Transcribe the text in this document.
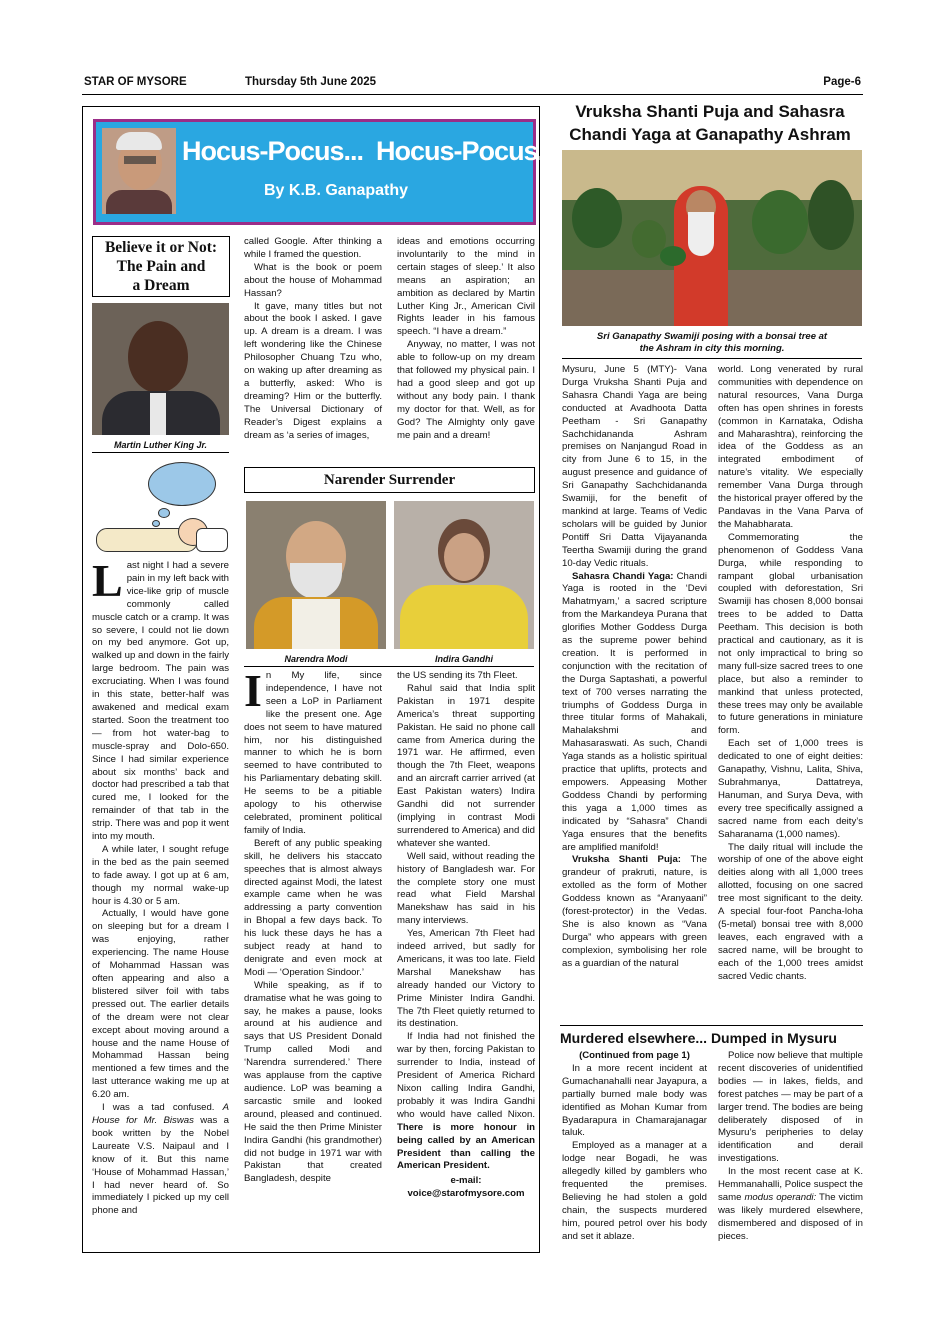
STAR OF MYSORE	Thursday 5th June 2025	Page-6
Hocus-Pocus...  Hocus-Pocus...
By K.B. Ganapathy
Believe it or Not:
The Pain and
a Dream
Martin Luther King Jr.

Last night I had a severe pain in my left back with vice-like grip of muscle commonly called muscle catch or a cramp. It was so severe, I could not lie down on my bed anymore. Got up, walked up and down in the fairly large bedroom. The pain was excruciating. When I was found in this state, better-half was awakened and medical exam started. Soon the treatment too — from hot water-bag to muscle-spray and Dolo-650. Since I had similar experience about six months’ back and doctor had prescribed a tab that cured me, I looked for the remainder of that tab in the strip. There was and pop it went into my mouth.

A while later, I sought refuge in the bed as the pain seemed to fade away. I got up at 6 am, though my normal wake-up hour is 4.30 or 5 am.

Actually, I would have gone on sleeping but for a dream I was enjoying, rather experiencing. The name House of Mohammad Hassan was often appearing and also a blistered silver foil with tabs pressed out. The earlier details of the dream were not clear except about moving around a house and the name House of Mohammad Hassan being mentioned a few times and the last utterance waking me up at 6.20 am.

I was a tad confused. A House for Mr. Biswas was a book written by the Nobel Laureate V.S. Naipaul and I know of it. But this name ‘House of Mohammad Hassan,’ I had never heard of. So immediately I picked up my cell phone and

called Google. After thinking a while I framed the question.

What is the book or poem about the house of Mohammad Hassan?

It gave, many titles but not about the book I asked. I gave up. A dream is a dream. I was left wondering like the Chinese Philosopher Chuang Tzu who, on waking up after dreaming as a butterfly, asked: Who is dreaming? Him or the butterfly. The Universal Dictionary of Reader’s Digest explains a dream as ‘a series of images,

ideas and emotions occurring involuntarily to the mind in certain stages of sleep.’ It also means an aspiration; an ambition as declared by Martin Luther King Jr., American Civil Rights leader in his famous speech. “I have a dream.”

Anyway, no matter, I was not able to follow-up on my dream that followed my physical pain. I had a good sleep and got up without any body pain. I thank my doctor for that. Well, as for God? The Almighty only gave me pain and a dream!

Narender Surrender
Narendra Modi	Indira Gandhi

In My life, since independence, I have not seen a LoP in Parliament like the present one. Age does not seem to have matured him, nor his distinguished manner to which he is born seemed to have contributed to his Parliamentary debating skill. He seems to be a pitiable apology to his otherwise celebrated, prominent political family of India.

Bereft of any public speaking skill, he delivers his staccato speeches that is almost always directed against Modi, the latest example came when he was addressing a party convention in Bhopal a few days back. To his luck these days he has a subject ready at hand to denigrate and even mock at Modi — ‘Operation Sindoor.’

While speaking, as if to dramatise what he was going to say, he makes a pause, looks around at his audience and says that US President Donald Trump called Modi and ‘Narendra surrendered.’ There was applause from the captive audience. LoP was beaming a sarcastic smile and looked around, pleased and continued. He said the then Prime Minister Indira Gandhi (his grandmother) did not budge in 1971 war with Pakistan that created Bangladesh, despite

the US sending its 7th Fleet.

Rahul said that India split Pakistan in 1971 despite America’s threat supporting Pakistan. He said no phone call came from America during the 1971 war. He affirmed, even though the 7th Fleet, weapons and an aircraft carrier arrived (at East Pakistan waters) Indira Gandhi did not surrender (implying in contrast Modi surrendered to America) and did whatever she wanted.

Well said, without reading the history of Bangladesh war. For the complete story one must read what Field Marshal Manekshaw has said in his many interviews.

Yes, American 7th Fleet had indeed arrived, but sadly for Americans, it was too late. Field Marshal Manekshaw has already handed our Victory to Prime Minister Indira Gandhi. The 7th Fleet quietly returned to its destination.

If India had not finished the war by then, forcing Pakistan to surrender to India, instead of President of America Richard Nixon calling Indira Gandhi, probably it was Indira Gandhi who would have called Nixon. There is more honour in being called by an American President than calling the American President.

e-mail:
voice@starofmysore.com
Vruksha Shanti Puja and Sahasra
Chandi Yaga at Ganapathy Ashram
Sri Ganapathy Swamiji posing with a bonsai tree at
the Ashram in city this morning.

Mysuru, June 5 (MTY)- Vana Durga Vruksha Shanti Puja and Sahasra Chandi Yaga are being conducted at Avadhoota Datta Peetham - Sri Ganapathy Sachchidananda Ashram premises on Nanjangud Road in city from June 6 to 15, in the august presence and guidance of Sri Ganapathy Sachchidananda Swamiji, for the benefit of mankind at large. Teams of Vedic scholars will be guided by Junior Pontiff Sri Datta Vijayananda Teertha Swamiji during the grand 10-day Vedic rituals.

Sahasra Chandi Yaga: Chandi Yaga is rooted in the ‘Devi Mahatmyam,’ a sacred scripture from the Markandeya Purana that glorifies Mother Goddess Durga as the supreme power behind creation. It is performed in conjunction with the recitation of the Durga Saptashati, a powerful text of 700 verses narrating the triumphs of Goddess Durga in three titular forms of Mahakali, Mahalakshmi and Mahasaraswati. As such, Chandi Yaga stands as a holistic spiritual practice that uplifts, protects and empowers. Appeasing Mother Goddess Chandi by performing this yaga a 1,000 times as indicated by “Sahasra” Chandi Yaga ensures that the benefits are amplified manifold!

Vruksha Shanti Puja: The grandeur of prakruti, nature, is extolled as the form of Mother Goddess known as “Aranyaani” (forest-protector) in the Vedas. She is also known as “Vana Durga” who appears with green complexion, symbolising her role as a guardian of the natural

world. Long venerated by rural communities with dependence on natural resources, Vana Durga often has open shrines in forests (common in Karnataka, Odisha and Maharashtra), reinforcing the idea of the Goddess as an integrated embodiment of nature’s vitality. We especially remember Vana Durga through the historical prayer offered by the Pandavas in the Vana Parva of the Mahabharata.

Commemorating the phenomenon of Goddess Vana Durga, while responding to rampant global urbanisation coupled with deforestation, Sri Swamiji has chosen 8,000 bonsai trees to be added to Datta Peetham. This decision is both practical and cautionary, as it is not only impractical to bring so many full-size sacred trees to one place, but also a reminder to mankind that unless protected, these trees may only be available to future generations in miniature form.

Each set of 1,000 trees is dedicated to one of eight deities: Ganapathy, Vishnu, Lalita, Shiva, Subrahmanya, Dattatreya, Hanuman, and Surya Deva, with every tree specifically assigned a sacred name from each deity’s Saharanama (1,000 names).

The daily ritual will include the worship of one of the above eight deities along with all 1,000 trees allotted, focusing on one sacred tree most significant to the deity. A special four-foot Pancha-loha (5-metal) bonsai tree with 8,000 leaves, each engraved with a sacred name, will be brought to each of the 1,000 trees amidst sacred Vedic chants.

Murdered elsewhere... Dumped in Mysuru
(Continued from page 1)

In a more recent incident at Gumachanahalli near Jayapura, a partially burned male body was identified as Mohan Kumar from Byadarapura in Chamarajanagar taluk.

Employed as a manager at a lodge near Bogadi, he was allegedly killed by gamblers who frequented the premises. Believing he had stolen a gold chain, the suspects murdered him, poured petrol over his body and set it ablaze.

Police now believe that multiple recent discoveries of unidentified bodies — in lakes, fields, and forest patches — may be part of a larger trend. The bodies are being deliberately disposed of in Mysuru’s peripheries to delay identification and derail investigations.

In the most recent case at K. Hemmanahalli, Police suspect the same modus operandi: The victim was likely murdered elsewhere, dismembered and disposed of in pieces.
